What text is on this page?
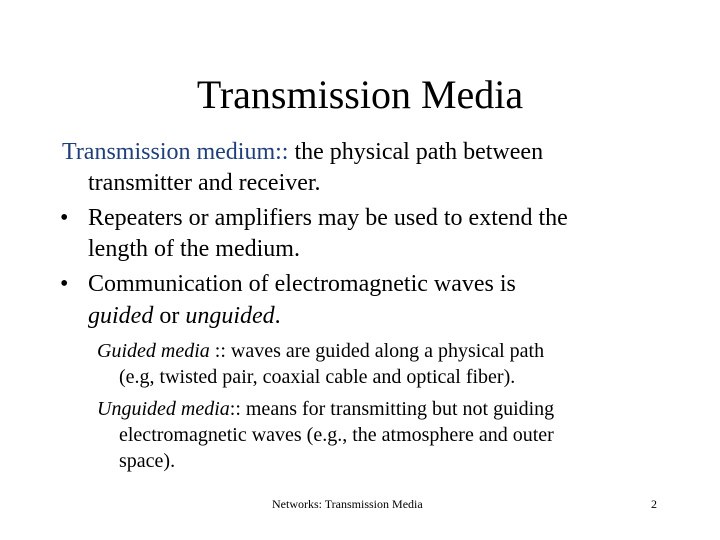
Transmission Media
Transmission medium:: the physical path between
transmitter and receiver.
• Repeaters or amplifiers may be used to extend the
length of the medium.
• Communication of electromagnetic waves is
guided or unguided.
Guided media :: waves are guided along a physical path
(e.g, twisted pair, coaxial cable and optical fiber).
Unguided media:: means for transmitting but not guiding
electromagnetic waves (e.g., the atmosphere and outer
space).
Networks: Transmission Media	2
